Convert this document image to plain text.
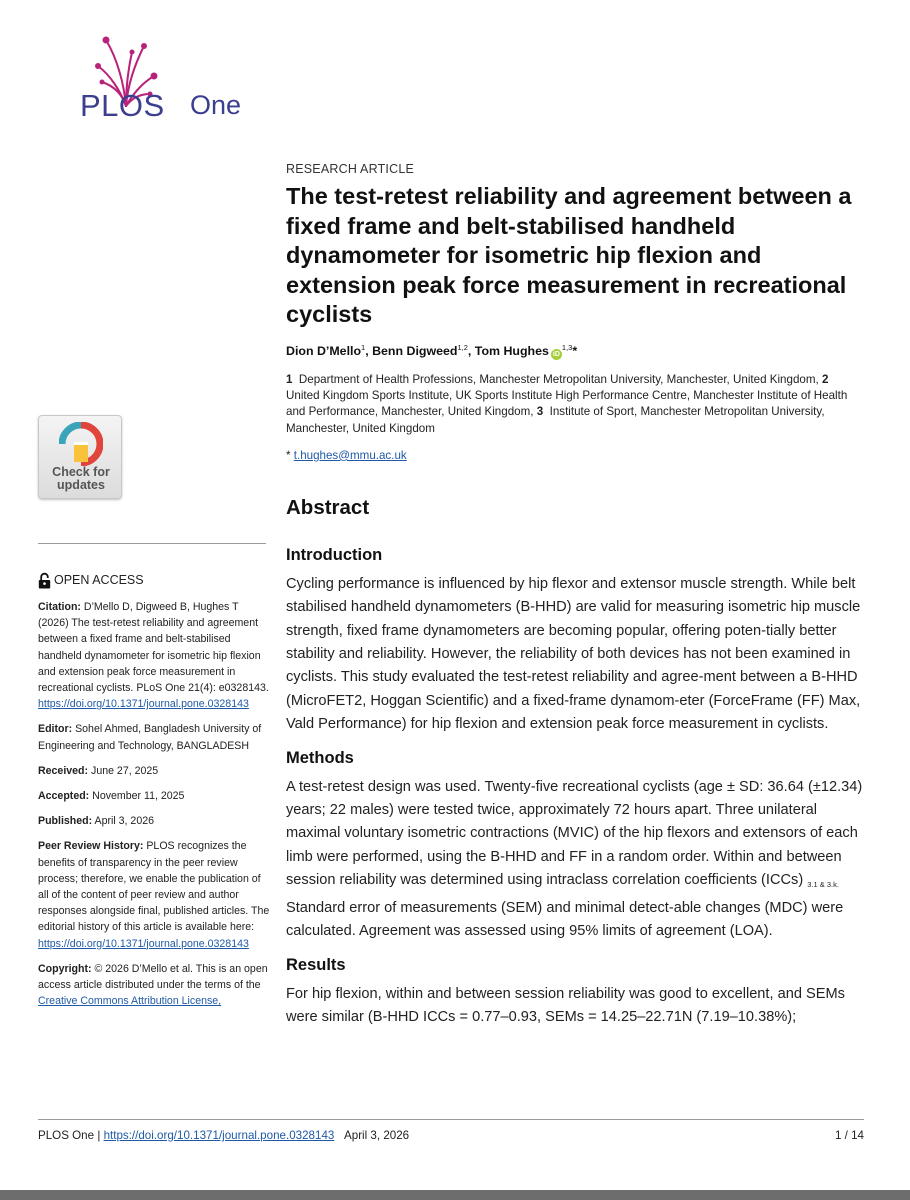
PLOS One
Check for
updates
OPEN ACCESS
Citation: D’Mello D, Digweed B, Hughes T (2026) The test-retest reliability and agreement between a fixed frame and belt-stabilised handheld dynamometer for isometric hip flexion and extension peak force measurement in recreational cyclists. PLoS One 21(4): e0328143. https://doi.org/10.1371/journal.pone.0328143
Editor: Sohel Ahmed, Bangladesh University of Engineering and Technology, BANGLADESH
Received: June 27, 2025
Accepted: November 11, 2025
Published: April 3, 2026
Peer Review History: PLOS recognizes the benefits of transparency in the peer review process; therefore, we enable the publication of all of the content of peer review and author responses alongside final, published articles. The editorial history of this article is available here: https://doi.org/10.1371/journal.pone.0328143
Copyright: © 2026 D’Mello et al. This is an open access article distributed under the terms of the Creative Commons Attribution License,
RESEARCH ARTICLE
The test-retest reliability and agreement between a fixed frame and belt-stabilised handheld dynamometer for isometric hip flexion and extension peak force measurement in recreational cyclists
Dion D’Mello$^1$, Benn Digweed$^{1,2}$, Tom Hughes iD$^{1,3}$*
1 Department of Health Professions, Manchester Metropolitan University, Manchester, United Kingdom, 2  United Kingdom Sports Institute, UK Sports Institute High Performance Centre, Manchester Institute of Health and Performance, Manchester, United Kingdom, 3 Institute of Sport, Manchester Metropolitan University, Manchester, United Kingdom
* t.hughes@mmu.ac.uk
Abstract
Introduction

Cycling performance is influenced by hip flexor and extensor muscle strength. While belt stabilised handheld dynamometers (B-HHD) are valid for measuring isometric hip muscle strength, fixed frame dynamometers are becoming popular, offering poten-tially better stability and reliability. However, the reliability of both devices has not been examined in cyclists. This study evaluated the test-retest reliability and agree-ment between a B-HHD (MicroFET2, Hoggan Scientific) and a fixed-frame dynamom-eter (ForceFrame (FF) Max, Vald Performance) for hip flexion and extension peak force measurement in cyclists.

Methods

A test-retest design was used. Twenty-five recreational cyclists (age ± SD: 36.64 (±12.34) years; 22 males) were tested twice, approximately 72 hours apart. Three unilateral maximal voluntary isometric contractions (MVIC) of the hip flexors and extensors of each limb were performed, using the B-HHD and FF in a random order. Within and between session reliability was determined using intraclass correlation coefficients (ICCs) $_{3.1 \& 3.k.}$ Standard error of measurements (SEM) and minimal detect-able changes (MDC) were calculated. Agreement was assessed using 95% limits of agreement (LOA).

Results

For hip flexion, within and between session reliability was good to excellent, and SEMs were similar (B-HHD ICCs = 0.77–0.93, SEMs = 14.25–22.71N (7.19–10.38%);

PLOS One | https://doi.org/10.1371/journal.pone.0328143 April 3, 2026	1 / 14
